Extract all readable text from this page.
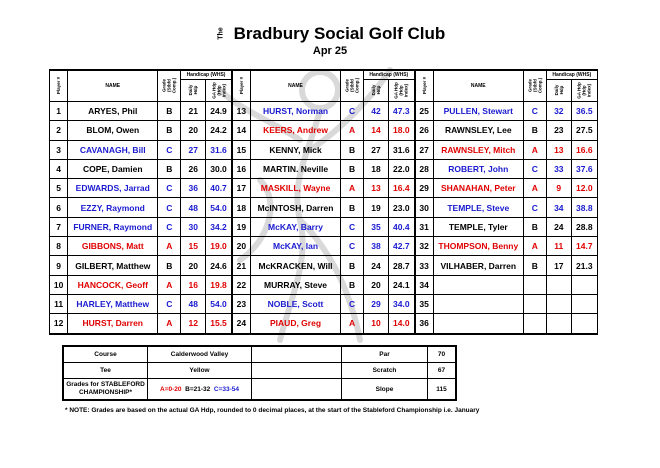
The Bradbury Social Golf Club
Apr 25
Player #	NAME	Grade (Stbfd Comp.)	Handicap (WHS)		Player #	NAME	Grade (Stbfd Comp.)	Handicap (WHS)		Player #	NAME	Grade (Stbfd Comp.)	Handicap (WHS)	
			Daily Hdp	GA Hdp (Hdp Index)				Daily Hdp	GA Hdp (Hdp Index)				Daily Hdp	GA Hdp (Hdp Index)
1	ARYES, Phil	B	21	24.9	13	HURST, Norman	C	42	47.3	25	PULLEN, Stewart	C	32	36.5
2	BLOM, Owen	B	20	24.2	14	KEERS, Andrew	A	14	18.0	26	RAWNSLEY, Lee	B	23	27.5
3	CAVANAGH, Bill	C	27	31.6	15	KENNY, Mick	B	27	31.6	27	RAWNSLEY, Mitch	A	13	16.6
4	COPE, Damien	B	26	30.0	16	MARTIN. Neville	B	18	22.0	28	ROBERT, John	C	33	37.6
5	EDWARDS, Jarrad	C	36	40.7	17	MASKILL, Wayne	A	13	16.4	29	SHANAHAN, Peter	A	9	12.0
6	EZZY, Raymond	C	48	54.0	18	McINTOSH, Darren	B	19	23.0	30	TEMPLE, Steve	C	34	38.8
7	FURNER, Raymond	C	30	34.2	19	McKAY, Barry	C	35	40.4	31	TEMPLE, Tyler	B	24	28.8
8	GIBBONS, Matt	A	15	19.0	20	McKAY, Ian	C	38	42.7	32	THOMPSON, Benny	A	11	14.7
9	GILBERT, Matthew	B	20	24.6	21	McKRACKEN, Will	B	24	28.7	33	VILHABER, Darren	B	17	21.3
10	HANCOCK, Geoff	A	16	19.8	22	MURRAY, Steve	B	20	24.1	34				
11	HARLEY, Matthew	C	48	54.0	23	NOBLE, Scott	C	29	34.0	35				
12	HURST, Darren	A	12	15.5	24	PIAUD, Greg	A	10	14.0	36				
Course	Calderwood Valley		Par	70
Tee	Yellow		Scratch	67
Grades for STABLEFORD CHAMPIONSHIP*	A=0-20 B=21-32 C=33-54		Slope	115
* NOTE: Grades are based on the actual GA Hdp, rounded to 0 decimal places, at the start of the Stableford Championship i.e. January
